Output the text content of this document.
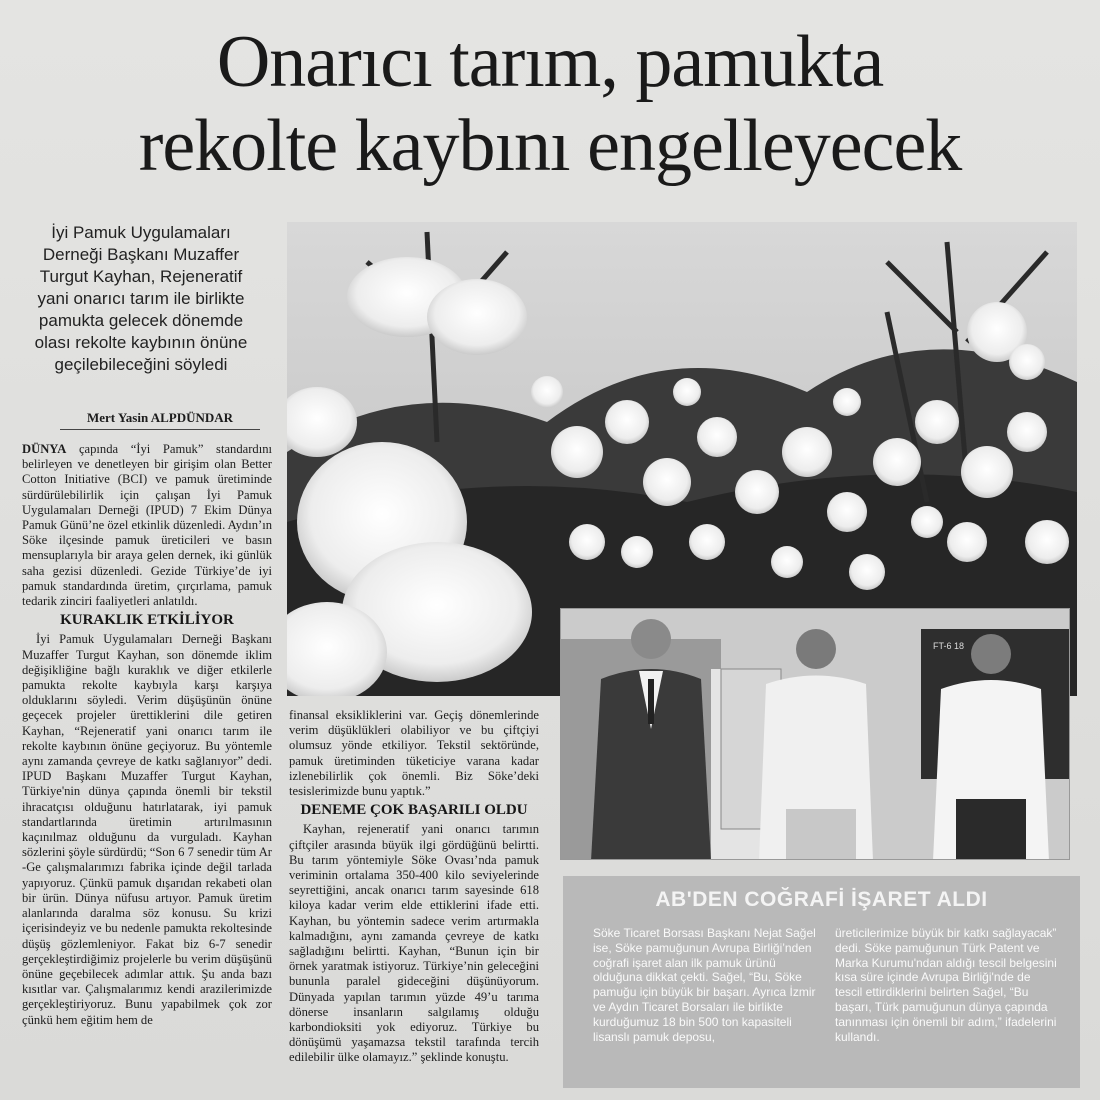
Onarıcı tarım, pamukta
rekolte kaybını engelleyecek
İyi Pamuk Uygulamaları Derneği Başkanı Muzaffer Turgut Kayhan, Rejeneratif yani onarıcı tarım ile birlikte pamukta gelecek dönemde olası rekolte kaybının önüne geçilebileceğini söyledi
Mert Yasin ALPDÜNDAR

DÜNYA çapında “İyi Pamuk” standardını belirleyen ve denetleyen bir girişim olan Better Cotton Initiative (BCI) ve pamuk üretiminde sürdürülebilirlik için çalışan İyi Pamuk Uygulamaları Derneği (IPUD) 7 Ekim Dünya Pamuk Günü’ne özel etkinlik düzenledi. Aydın’ın Söke ilçesinde pamuk üreticileri ve basın mensuplarıyla bir araya gelen dernek, iki günlük saha gezisi düzenledi. Gezide Türkiye’de iyi pamuk standardında üretim, çırçırlama, pamuk tedarik zinciri faaliyetleri anlatıldı.

KURAKLIK ETKİLİYOR

İyi Pamuk Uygulamaları Derneği Başkanı Muzaffer Turgut Kayhan, son dönemde iklim değişikliğine bağlı kuraklık ve diğer etkilerle pamukta rekolte kaybıyla karşı karşıya olduklarını söyledi. Verim düşüşünün önüne geçecek projeler ürettiklerini dile getiren Kayhan, “Rejeneratif yani onarıcı tarım ile rekolte kaybının önüne geçiyoruz. Bu yöntemle aynı zamanda çevreye de katkı sağlanıyor” dedi. IPUD Başkanı Muzaffer Turgut Kayhan, Türkiye'nin dünya çapında önemli bir tekstil ihracatçısı olduğunu hatırlatarak, iyi pamuk standartlarında üretimin artırılmasının kaçınılmaz olduğunu da vurguladı. Kayhan sözlerini şöyle sürdürdü; “Son 6 7 senedir tüm Ar -Ge çalışmalarımızı fabrika içinde değil tarlada yapıyoruz. Çünkü pamuk dışarıdan rekabeti olan bir ürün. Dünya nüfusu artıyor. Pamuk üretim alanlarında daralma söz konusu. Su krizi içerisindeyiz ve bu nedenle pamukta rekoltesinde düşüş gözlemleniyor. Fakat biz 6-7 senedir gerçekleştirdiğimiz projelerle bu verim düşüşünü önüne geçebilecek adımlar attık. Şu anda bazı kısıtlar var. Çalışmalarımız kendi arazilerimizde gerçekleştiriyoruz. Bunu yapabilmek çok zor çünkü hem eğitim hem de

finansal eksikliklerini var. Geçiş dönemlerinde verim düşüklükleri olabiliyor ve bu çiftçiyi olumsuz yönde etkiliyor. Tekstil sektöründe, pamuk üretiminden tüketiciye varana kadar izlenebilirlik çok önemli. Biz Söke’deki tesislerimizde bunu yaptık.”

DENEME ÇOK BAŞARILI OLDU

Kayhan, rejeneratif yani onarıcı tarımın çiftçiler arasında büyük ilgi gördüğünü belirtti. Bu tarım yöntemiyle Söke Ovası’nda pamuk veriminin ortalama 350-400 kilo seviyelerinde seyrettiğini, ancak onarıcı tarım sayesinde 618 kiloya kadar verim elde ettiklerini ifade etti. Kayhan, bu yöntemin sadece verim artırmakla kalmadığını, aynı zamanda çevreye de katkı sağladığını belirtti. Kayhan, “Bunun için bir örnek yaratmak istiyoruz. Türkiye’nin geleceğini bununla paralel gideceğini düşünüyorum. Dünyada yapılan tarımın yüzde 49’u tarıma dönerse insanların salgılamış olduğu karbondioksiti yok ediyoruz. Türkiye bu dönüşümü yaşamazsa tekstil tarafında tercih edilebilir ülke olamayız.” şeklinde konuştu.

FT-6 18
AB'DEN COĞRAFİ İŞARET ALDI
Söke Ticaret Borsası Başkanı Nejat Sağel ise, Söke pamuğunun Avrupa Birliği’nden coğrafi işaret alan ilk pamuk ürünü olduğuna dikkat çekti. Sağel, “Bu, Söke pamuğu için büyük bir başarı. Ayrıca İzmir ve Aydın Ticaret Borsaları ile birlikte kurduğumuz 18 bin 500 ton kapasiteli lisanslı pamuk deposu,
üreticilerimize büyük bir katkı sağlayacak” dedi. Söke pamuğunun Türk Patent ve Marka Kurumu'ndan aldığı tescil belgesini kısa süre içinde Avrupa Birliği'nde de tescil ettirdiklerini belirten Sağel, “Bu başarı, Türk pamuğunun dünya çapında tanınması için önemli bir adım,” ifadelerini kullandı.
